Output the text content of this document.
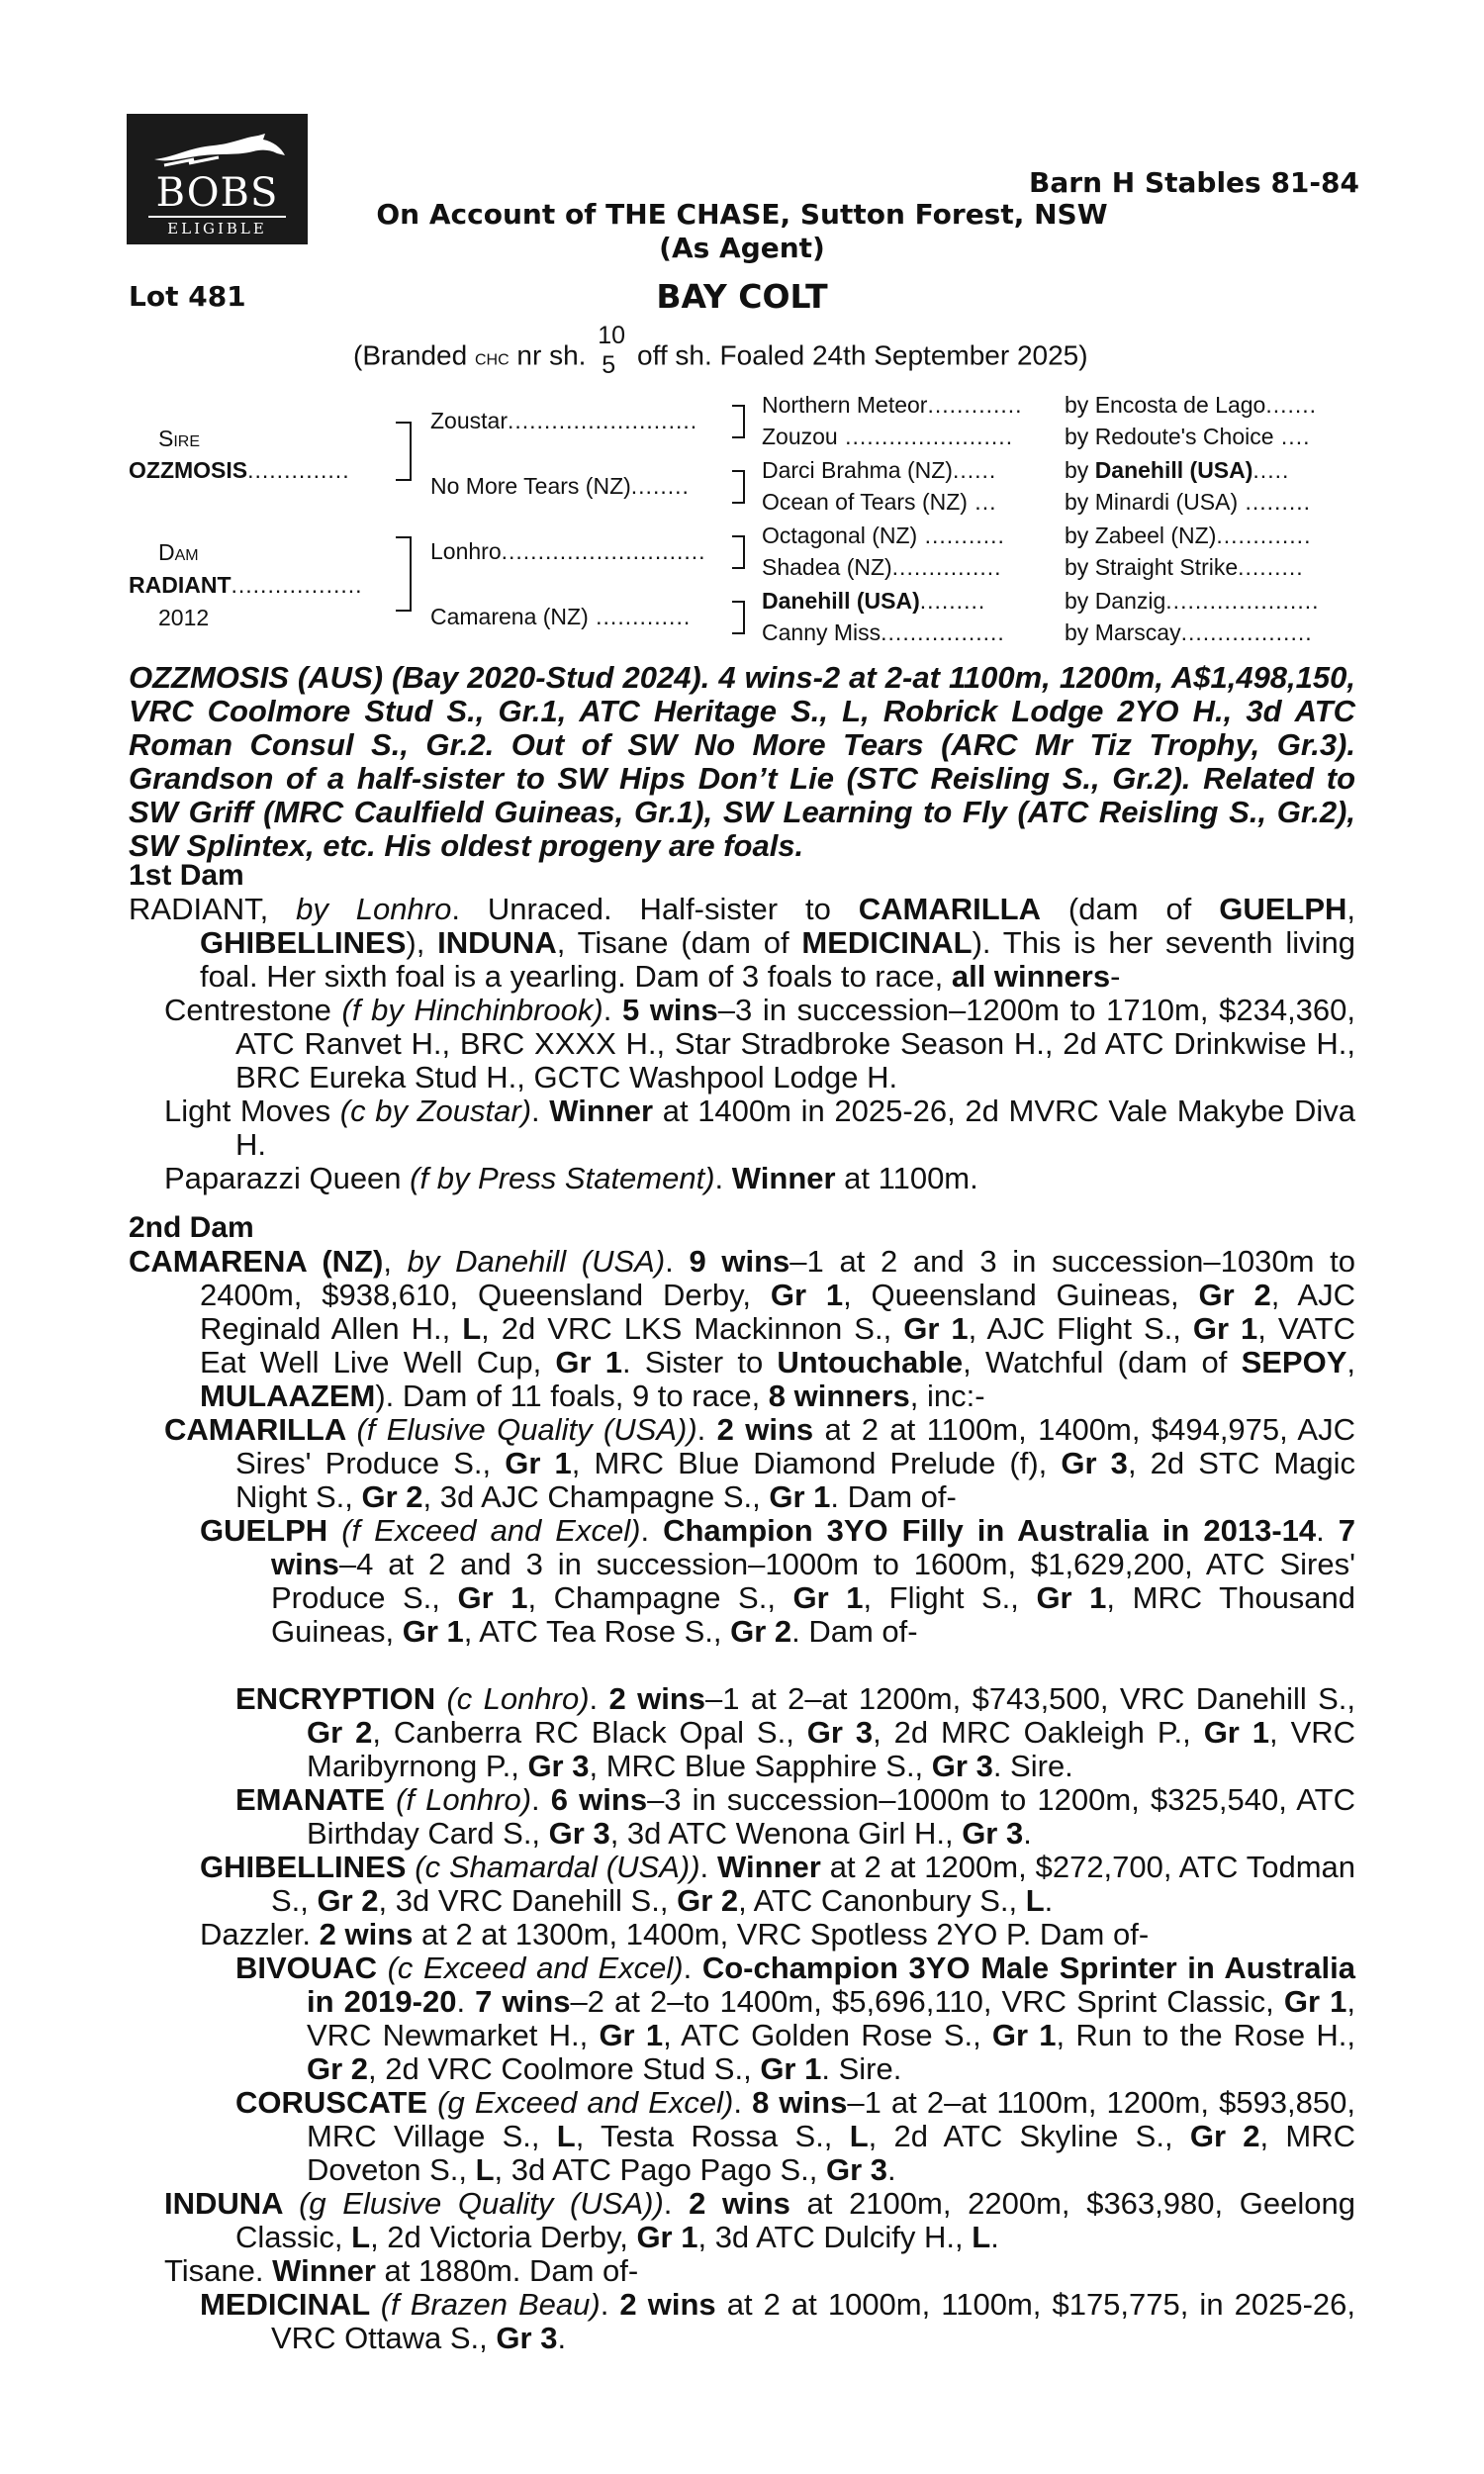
BOBS
ELIGIBLE
Barn H Stables 81-84
On Account of THE CHASE, Sutton Forest, NSW
(As Agent)
Lot 481	BAY COLT
(Branded CHC nr sh.
10
5 off sh. Foaled 24th September 2025)
Sire
OZZMOSIS..............
Dam
RADIANT..................
2012
Zoustar..........................
No More Tears (NZ)........
Lonhro............................
Camarena (NZ) .............
Northern Meteor.............
Zouzou .......................
Darci Brahma (NZ)......
Ocean of Tears (NZ) ...
Octagonal (NZ) ...........
Shadea (NZ)...............
Danehill (USA).........
Canny Miss.................
by Encosta de Lago.......
by Redoute's Choice ....
by Danehill (USA).....
by Minardi (USA) .........
by Zabeel (NZ).............
by Straight Strike.........
by Danzig.....................
by Marscay..................
OZZMOSIS (AUS) (Bay 2020-Stud 2024). 4 wins-2 at 2-at 1100m, 1200m, A$1,498,150, VRC Coolmore Stud S., Gr.1, ATC Heritage S., L, Robrick Lodge 2YO H., 3d ATC Roman Consul S., Gr.2. Out of SW No More Tears (ARC Mr Tiz Trophy, Gr.3). Grandson of a half-sister to SW Hips Don’t Lie (STC Reisling S., Gr.2). Related to SW Griff (MRC Caulfield Guineas, Gr.1), SW Learning to Fly (ATC Reisling S., Gr.2), SW Splintex, etc. His oldest progeny are foals.
1st Dam
RADIANT, by Lonhro. Unraced. Half-sister to CAMARILLA (dam of GUELPH, GHIBELLINES), INDUNA, Tisane (dam of MEDICINAL). This is her seventh living foal. Her sixth foal is a yearling. Dam of 3 foals to race, all winners-
Centrestone (f by Hinchinbrook). 5 wins–3 in succession–1200m to 1710m, $234,360, ATC Ranvet H., BRC XXXX H., Star Stradbroke Season H., 2d ATC Drinkwise H., BRC Eureka Stud H., GCTC Washpool Lodge H.
Light Moves (c by Zoustar). Winner at 1400m in 2025-26, 2d MVRC Vale Makybe Diva H.
Paparazzi Queen (f by Press Statement). Winner at 1100m.
2nd Dam
CAMARENA (NZ), by Danehill (USA). 9 wins–1 at 2 and 3 in succession–1030m to 2400m, $938,610, Queensland Derby, Gr 1, Queensland Guineas, Gr 2, AJC Reginald Allen H., L, 2d VRC LKS Mackinnon S., Gr 1, AJC Flight S., Gr 1, VATC Eat Well Live Well Cup, Gr 1. Sister to Untouchable, Watchful (dam of SEPOY, MULAAZEM). Dam of 11 foals, 9 to race, 8 winners, inc:-
CAMARILLA (f Elusive Quality (USA)). 2 wins at 2 at 1100m, 1400m, $494,975, AJC Sires' Produce S., Gr 1, MRC Blue Diamond Prelude (f), Gr 3, 2d STC Magic Night S., Gr 2, 3d AJC Champagne S., Gr 1. Dam of-
GUELPH (f Exceed and Excel). Champion 3YO Filly in Australia in 2013-14. 7 wins–4 at 2 and 3 in succession–1000m to 1600m, $1,629,200, ATC Sires' Produce S., Gr 1, Champagne S., Gr 1, Flight S., Gr 1, MRC Thousand Guineas, Gr 1, ATC Tea Rose S., Gr 2. Dam of-
ENCRYPTION (c Lonhro). 2 wins–1 at 2–at 1200m, $743,500, VRC Danehill S., Gr 2, Canberra RC Black Opal S., Gr 3, 2d MRC Oakleigh P., Gr 1, VRC Maribyrnong P., Gr 3, MRC Blue Sapphire S., Gr 3. Sire.
EMANATE (f Lonhro). 6 wins–3 in succession–1000m to 1200m, $325,540, ATC Birthday Card S., Gr 3, 3d ATC Wenona Girl H., Gr 3.
GHIBELLINES (c Shamardal (USA)). Winner at 2 at 1200m, $272,700, ATC Todman S., Gr 2, 3d VRC Danehill S., Gr 2, ATC Canonbury S., L.
Dazzler. 2 wins at 2 at 1300m, 1400m, VRC Spotless 2YO P. Dam of-
BIVOUAC (c Exceed and Excel). Co-champion 3YO Male Sprinter in Australia in 2019-20. 7 wins–2 at 2–to 1400m, $5,696,110, VRC Sprint Classic, Gr 1, VRC Newmarket H., Gr 1, ATC Golden Rose S., Gr 1, Run to the Rose H., Gr 2, 2d VRC Coolmore Stud S., Gr 1. Sire.
CORUSCATE (g Exceed and Excel). 8 wins–1 at 2–at 1100m, 1200m, $593,850, MRC Village S., L, Testa Rossa S., L, 2d ATC Skyline S., Gr 2, MRC Doveton S., L, 3d ATC Pago Pago S., Gr 3.
INDUNA (g Elusive Quality (USA)). 2 wins at 2100m, 2200m, $363,980, Geelong Classic, L, 2d Victoria Derby, Gr 1, 3d ATC Dulcify H., L.
Tisane. Winner at 1880m. Dam of-
MEDICINAL (f Brazen Beau). 2 wins at 2 at 1000m, 1100m, $175,775, in 2025-26, VRC Ottawa S., Gr 3.
